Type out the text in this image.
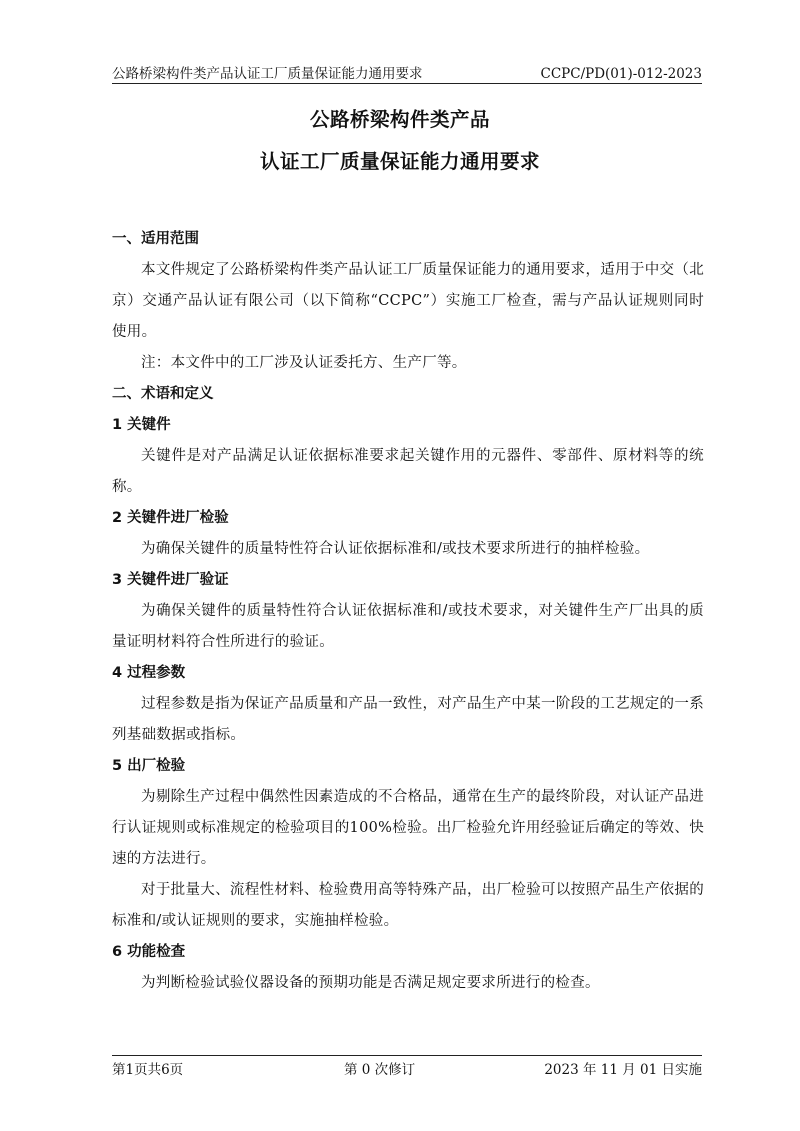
公路桥梁构件类产品认证工厂质量保证能力通用要求	CCPC/PD(01)-012-2023
公路桥梁构件类产品
认证工厂质量保证能力通用要求

一、适用范围

本文件规定了公路桥梁构件类产品认证工厂质量保证能力的通用要求，适用于中交（北京）交通产品认证有限公司（以下简称“CCPC”）实施工厂检查，需与产品认证规则同时使用。

注：本文件中的工厂涉及认证委托方、生产厂等。

二、术语和定义

1 关键件

关键件是对产品满足认证依据标准要求起关键作用的元器件、零部件、原材料等的统称。

2 关键件进厂检验

为确保关键件的质量特性符合认证依据标准和/或技术要求所进行的抽样检验。

3 关键件进厂验证

为确保关键件的质量特性符合认证依据标准和/或技术要求，对关键件生产厂出具的质量证明材料符合性所进行的验证。

4 过程参数

过程参数是指为保证产品质量和产品一致性，对产品生产中某一阶段的工艺规定的一系列基础数据或指标。

5 出厂检验

为剔除生产过程中偶然性因素造成的不合格品，通常在生产的最终阶段，对认证产品进行认证规则或标准规定的检验项目的100%检验。出厂检验允许用经验证后确定的等效、快速的方法进行。

对于批量大、流程性材料、检验费用高等特殊产品，出厂检验可以按照产品生产依据的标准和/或认证规则的要求，实施抽样检验。

6 功能检查

为判断检验试验仪器设备的预期功能是否满足规定要求所进行的检查。

第1页共6页	第 0 次修订	2023 年 11 月 01 日实施
